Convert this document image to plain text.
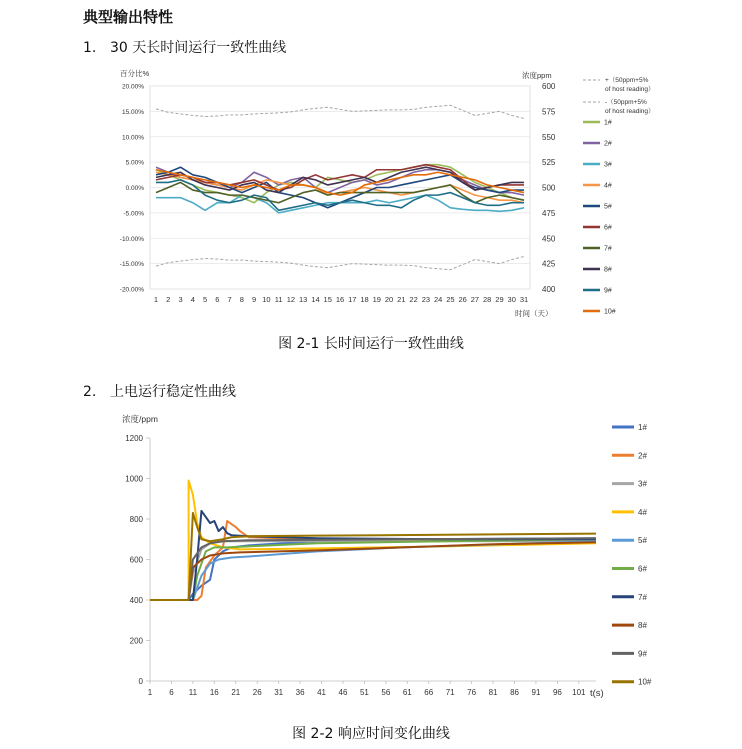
典型输出特性
1. 30 天长时间运行一致性曲线
20.00%
15.00%
10.00%
5.00%
0.00%
-5.00%
-10.00%
-15.00%
-20.00%
600
575
550
525
500
475
450
425
400
1 2 3 4 5 6 7 8 9 10 11 12 13 14 15 16 17 18 19 20 21 22 23 24 25 26 27 28 29 30 31
百分比%	浓度ppm
时间（天）
+（50ppm+5% of host reading）
-（50ppm+5% of host reading）
1#
2#
3#
4#
5#
6#
7#
8#
9#
10#
图 2-1 长时间运行一致性曲线
2. 上电运行稳定性曲线
1200
1000
800
600
400
200
0
1 6 11 16 21 26 31 36 41 46 51 56 61 66 71 76 81 86 91 96 101
浓度/ppm
t(s)
1#
2#
3#
4#
5#
6#
7#
8#
9#
10#
图 2-2 响应时间变化曲线
